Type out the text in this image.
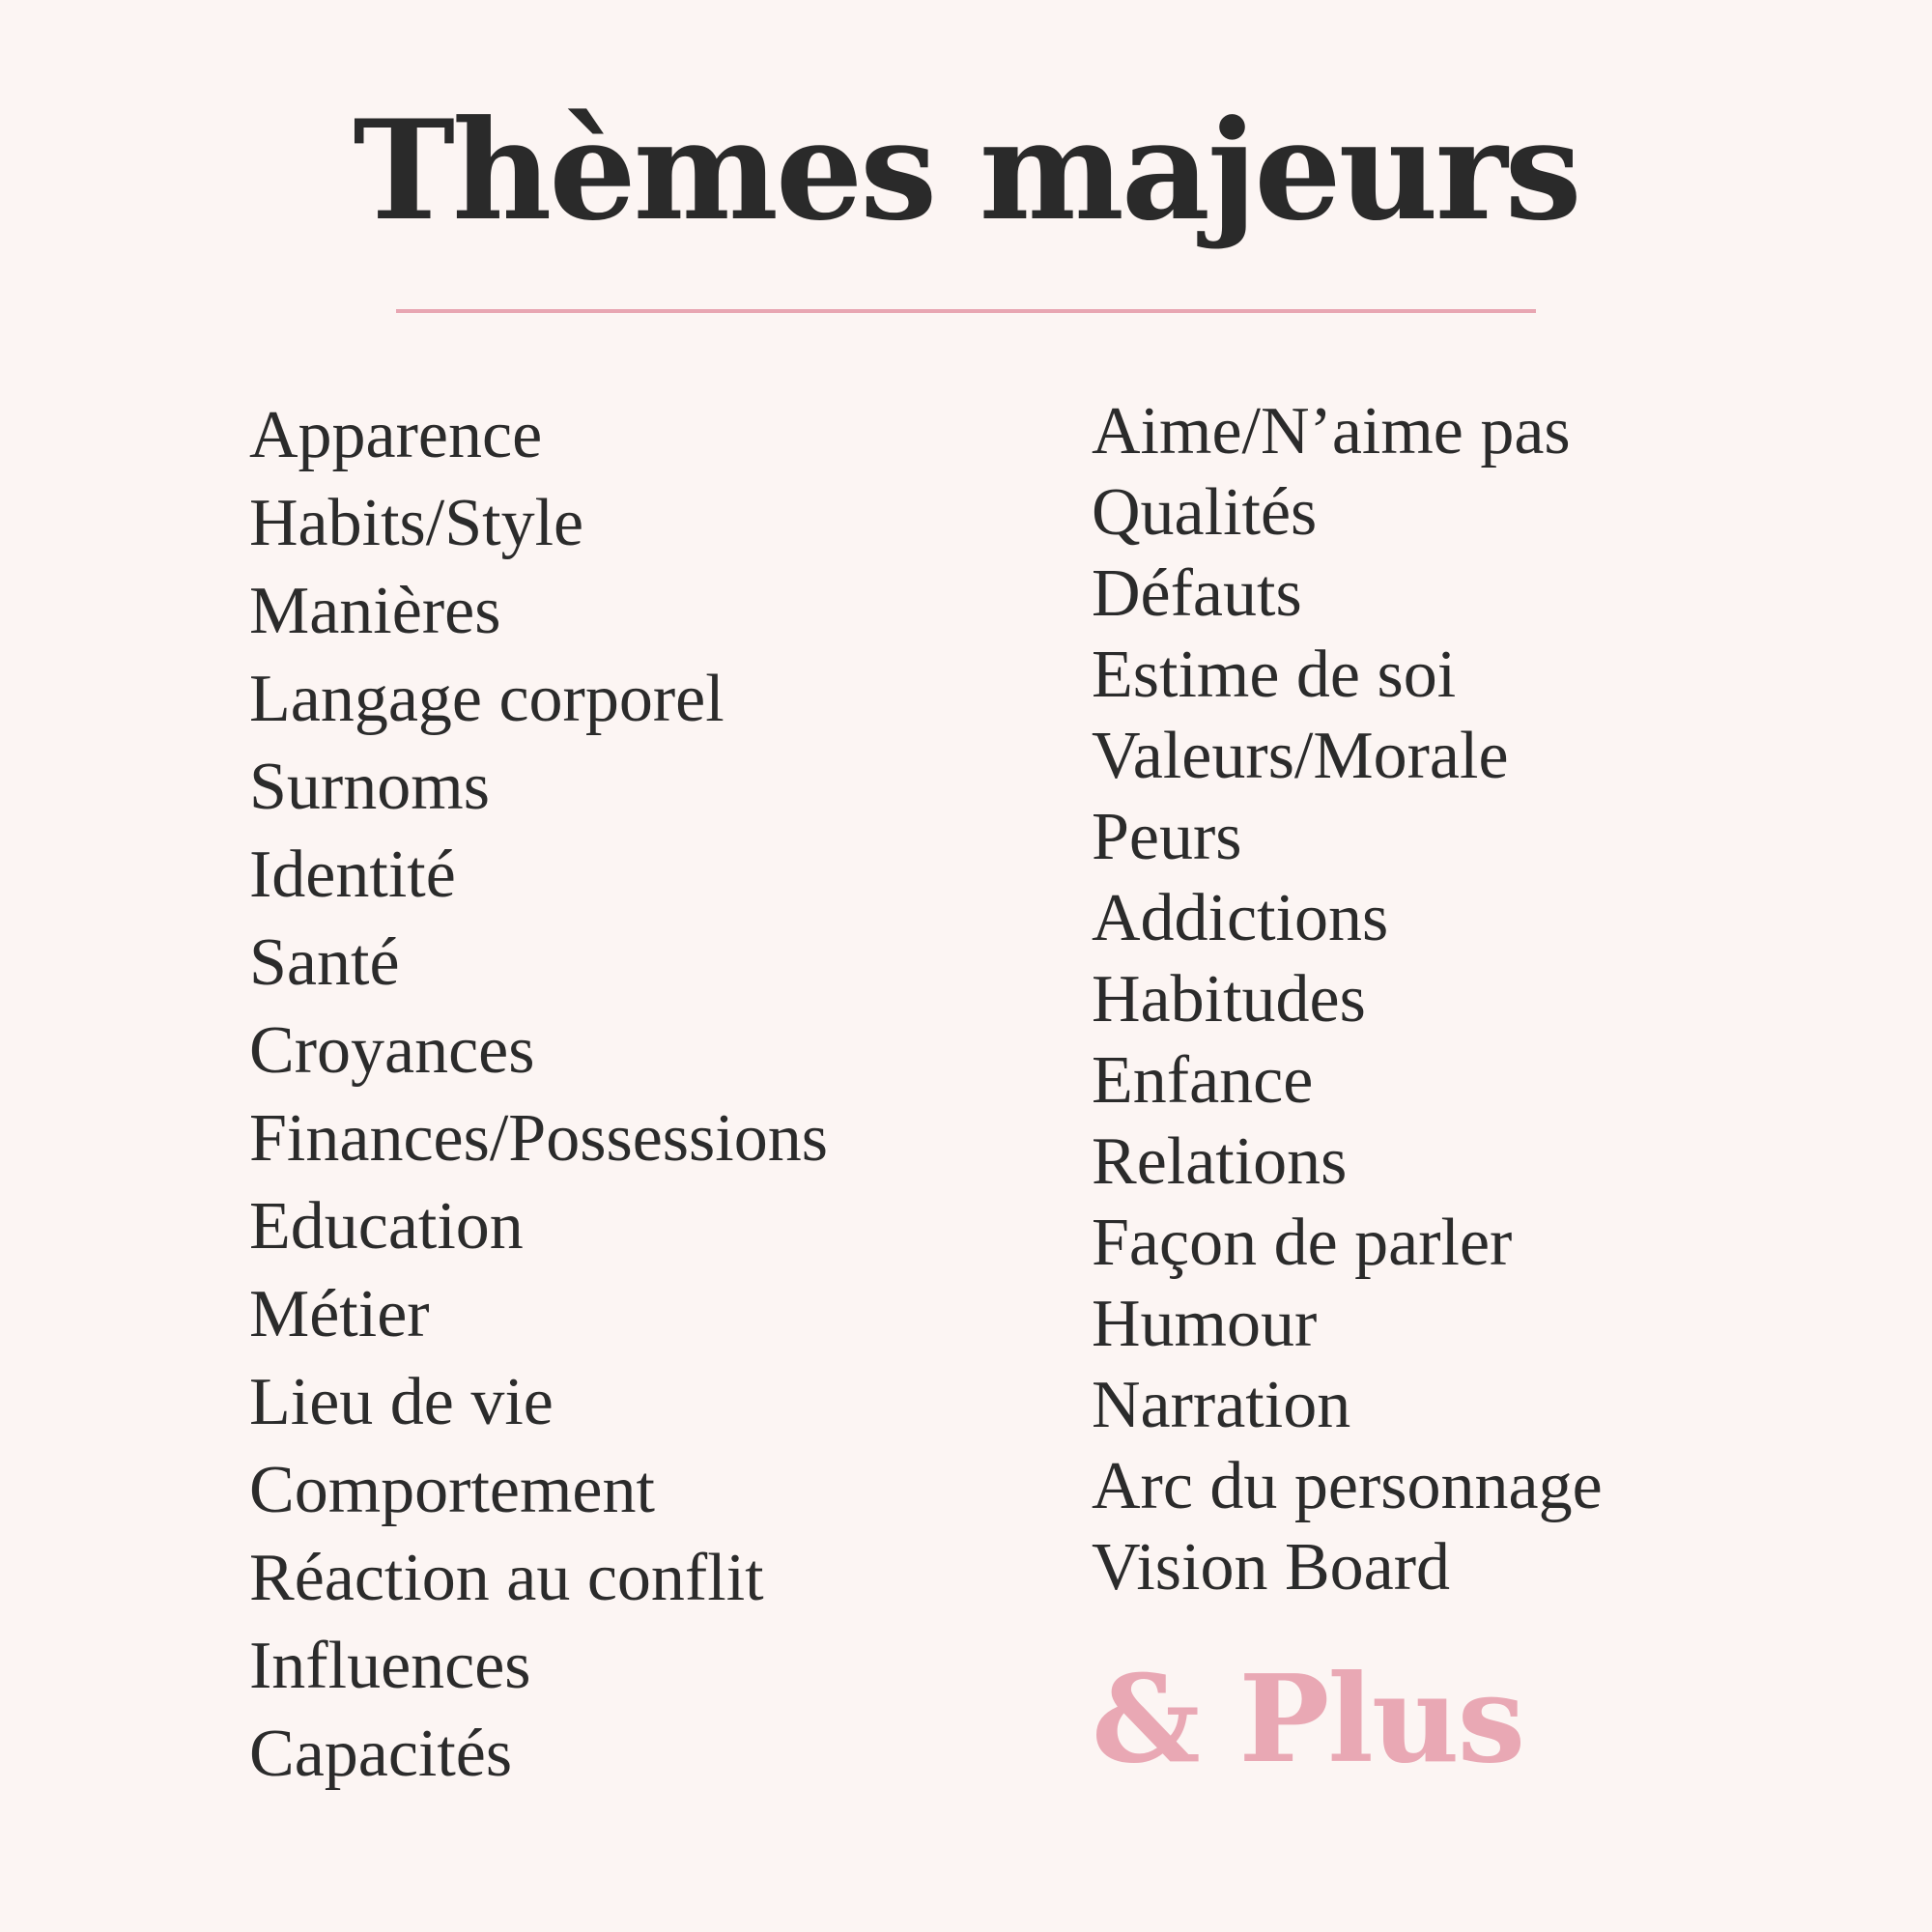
Thèmes majeurs
Apparence
Habits/Style
Manières
Langage corporel
Surnoms
Identité
Santé
Croyances
Finances/Possessions
Education
Métier
Lieu de vie
Comportement
Réaction au conflit
Influences
Capacités
Aime/N’aime pas
Qualités
Défauts
Estime de soi
Valeurs/Morale
Peurs
Addictions
Habitudes
Enfance
Relations
Façon de parler
Humour
Narration
Arc du personnage
Vision Board
& Plus
